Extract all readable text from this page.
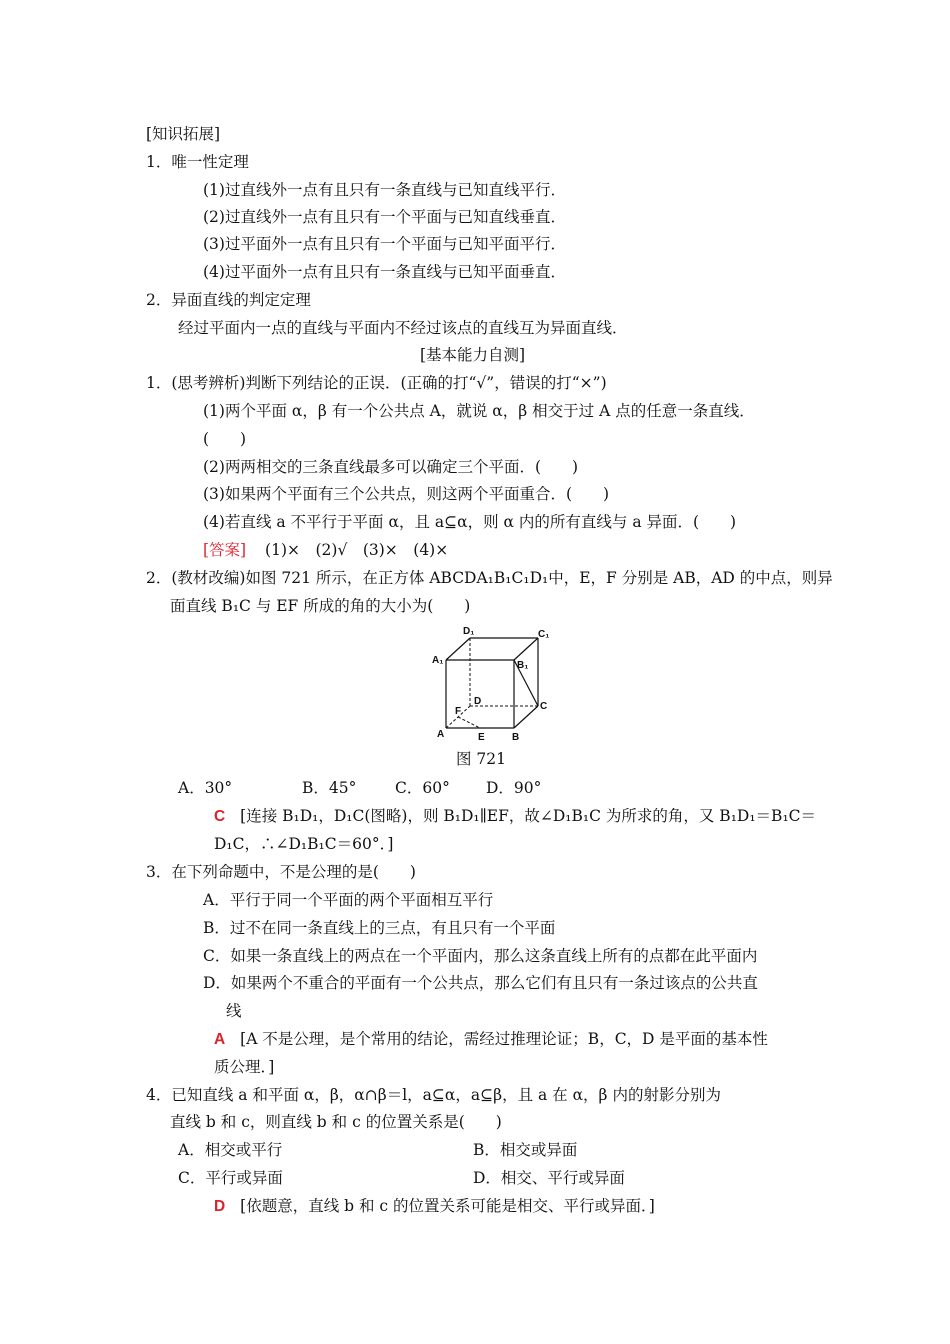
[知识拓展]
1．唯一性定理
(1)过直线外一点有且只有一条直线与已知直线平行．
(2)过直线外一点有且只有一个平面与已知直线垂直．
(3)过平面外一点有且只有一个平面与已知平面平行．
(4)过平面外一点有且只有一条直线与已知平面垂直．
2．异面直线的判定定理
经过平面内一点的直线与平面内不经过该点的直线互为异面直线．
[基本能力自测]
1．(思考辨析)判断下列结论的正误．(正确的打“√”，错误的打“×”)
(1)两个平面 α，β 有一个公共点 A，就说 α，β 相交于过 A 点的任意一条直线．
(　　)
(2)两两相交的三条直线最多可以确定三个平面．(　　)
(3)如果两个平面有三个公共点，则这两个平面重合．(　　)
(4)若直线 a 不平行于平面 α，且 a⊆α，则 α 内的所有直线与 a 异面．(　　)
[答案] (1)×　(2)√　(3)×　(4)×
2．(教材改编)如图 721 所示，在正方体 ABCDA₁B₁C₁D₁中，E，F 分别是 AB，AD 的中点，则异
面直线 B₁C 与 EF 所成的角的大小为(　　)
D₁	C₁
A₁	B₁
D	C
F
A	E	B
图 721
A．30°	B．45° C．60° D．90°
C [连接 B₁D₁，D₁C(图略)，则 B₁D₁∥EF，故∠D₁B₁C 为所求的角，又 B₁D₁＝B₁C＝
D₁C，∴∠D₁B₁C＝60°．]
3．在下列命题中，不是公理的是(　　)
A．平行于同一个平面的两个平面相互平行
B．过不在同一条直线上的三点，有且只有一个平面
C．如果一条直线上的两点在一个平面内，那么这条直线上所有的点都在此平面内
D．如果两个不重合的平面有一个公共点，那么它们有且只有一条过该点的公共直
线
A [A 不是公理，是个常用的结论，需经过推理论证；B，C，D 是平面的基本性
质公理．]
4．已知直线 a 和平面 α，β，α∩β＝l，a⊆α，a⊆β，且 a 在 α，β 内的射影分别为
直线 b 和 c，则直线 b 和 c 的位置关系是(　　)
A．相交或平行	B．相交或异面
C．平行或异面	D．相交、平行或异面
D [依题意，直线 b 和 c 的位置关系可能是相交、平行或异面．]
